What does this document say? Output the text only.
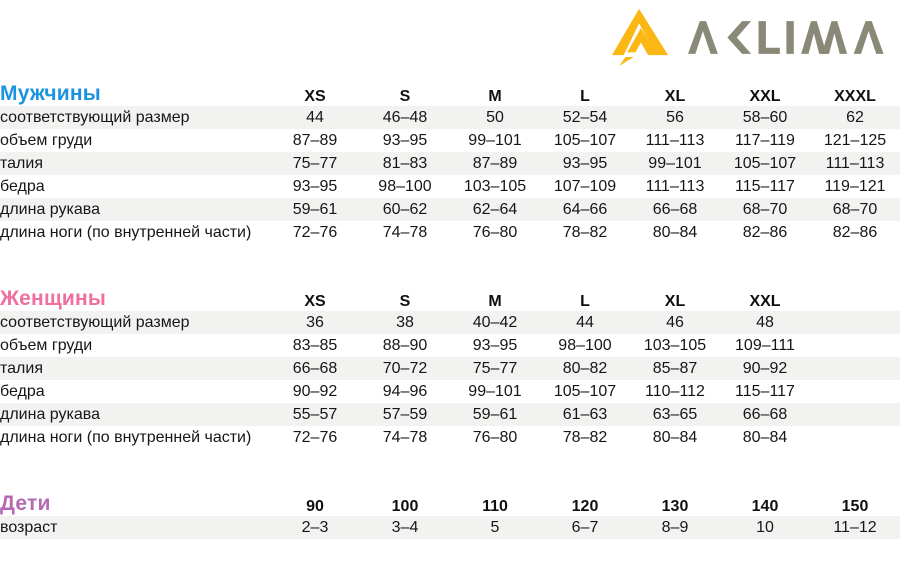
Мужчины	XS	S	M	L	XL	XXL	XXXL
соответствующий размер	44	46–48	50	52–54	56	58–60	62
объем груди	87–89	93–95	99–101	105–107	111–113	117–119	121–125
талия	75–77	81–83	87–89	93–95	99–101	105–107	111–113
бедра	93–95	98–100	103–105	107–109	111–113	115–117	119–121
длина рукава	59–61	60–62	62–64	64–66	66–68	68–70	68–70
длина ноги (по внутренней части)	72–76	74–78	76–80	78–82	80–84	82–86	82–86
Женщины	XS	S	M	L	XL	XXL	
соответствующий размер	36	38	40–42	44	46	48	
объем груди	83–85	88–90	93–95	98–100	103–105	109–111	
талия	66–68	70–72	75–77	80–82	85–87	90–92	
бедра	90–92	94–96	99–101	105–107	110–112	115–117	
длина рукава	55–57	57–59	59–61	61–63	63–65	66–68	
длина ноги (по внутренней части)	72–76	74–78	76–80	78–82	80–84	80–84	
Дети	90	100	110	120	130	140	150
возраст	2–3	3–4	5	6–7	8–9	10	11–12
